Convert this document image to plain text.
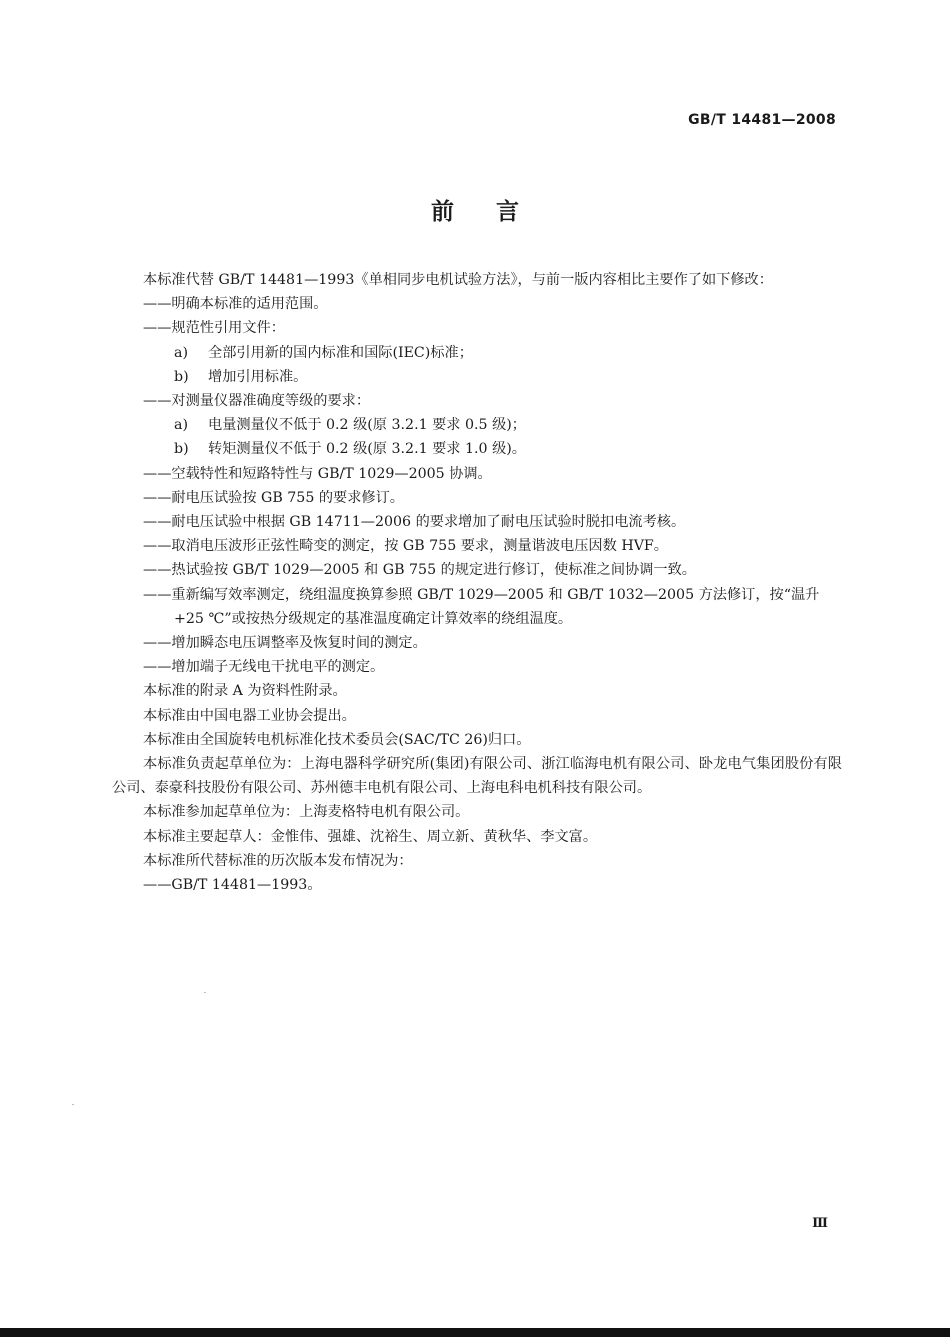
GB/T 14481—2008
前言

本标准代替 GB/T 14481—1993《单相同步电机试验方法》，与前一版内容相比主要作了如下修改：

——明确本标准的适用范围。

——规范性引用文件：

a) 全部引用新的国内标准和国际(IEC)标准；

b) 增加引用标准。

——对测量仪器准确度等级的要求：

a) 电量测量仪不低于 0.2 级(原 3.2.1 要求 0.5 级)；

b) 转矩测量仪不低于 0.2 级(原 3.2.1 要求 1.0 级)。

——空载特性和短路特性与 GB/T 1029—2005 协调。

——耐电压试验按 GB 755 的要求修订。

——耐电压试验中根据 GB 14711—2006 的要求增加了耐电压试验时脱扣电流考核。

——取消电压波形正弦性畸变的测定，按 GB 755 要求，测量谐波电压因数 HVF。

——热试验按 GB/T 1029—2005 和 GB 755 的规定进行修订，使标准之间协调一致。

——重新编写效率测定，绕组温度换算参照 GB/T 1029—2005 和 GB/T 1032—2005 方法修订，按“温升+25 ℃”或按热分级规定的基准温度确定计算效率的绕组温度。

——增加瞬态电压调整率及恢复时间的测定。

——增加端子无线电干扰电平的测定。

本标准的附录 A 为资料性附录。

本标准由中国电器工业协会提出。

本标准由全国旋转电机标准化技术委员会(SAC/TC 26)归口。

本标准负责起草单位为：上海电器科学研究所(集团)有限公司、浙江临海电机有限公司、卧龙电气集团股份有限公司、泰豪科技股份有限公司、苏州德丰电机有限公司、上海电科电机科技有限公司。

本标准参加起草单位为：上海麦格特电机有限公司。

本标准主要起草人：金惟伟、强雄、沈裕生、周立新、黄秋华、李文富。

本标准所代替标准的历次版本发布情况为：

——GB/T 14481—1993。

Ⅲ
